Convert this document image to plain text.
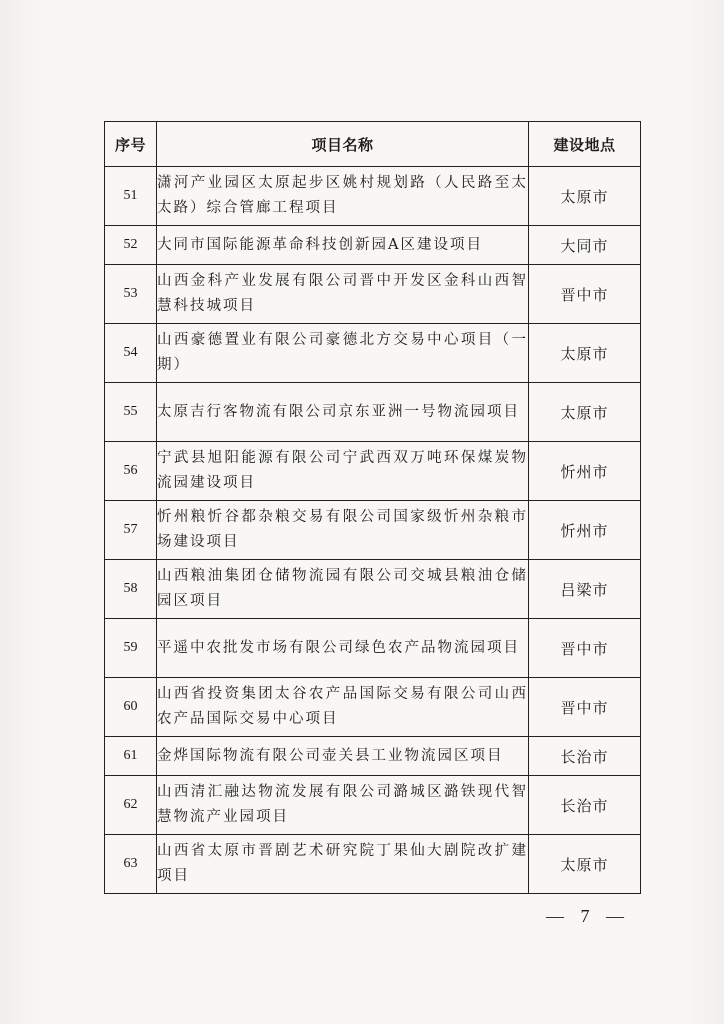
序号	项目名称	建设地点
51	潇河产业园区太原起步区姚村规划路（人民路至太太路）综合管廊工程项目	太原市
52	大同市国际能源革命科技创新园A区建设项目	大同市
53	山西金科产业发展有限公司晋中开发区金科山西智慧科技城项目	晋中市
54	山西豪德置业有限公司豪德北方交易中心项目（一期）	太原市
55	太原吉行客物流有限公司京东亚洲一号物流园项目	太原市
56	宁武县旭阳能源有限公司宁武西双万吨环保煤炭物流园建设项目	忻州市
57	忻州粮忻谷都杂粮交易有限公司国家级忻州杂粮市场建设项目	忻州市
58	山西粮油集团仓储物流园有限公司交城县粮油仓储园区项目	吕梁市
59	平遥中农批发市场有限公司绿色农产品物流园项目	晋中市
60	山西省投资集团太谷农产品国际交易有限公司山西农产品国际交易中心项目	晋中市
61	金烨国际物流有限公司壶关县工业物流园区项目	长治市
62	山西清汇融达物流发展有限公司潞城区潞铁现代智慧物流产业园项目	长治市
63	山西省太原市晋剧艺术研究院丁果仙大剧院改扩建项目	太原市
— 7 —
